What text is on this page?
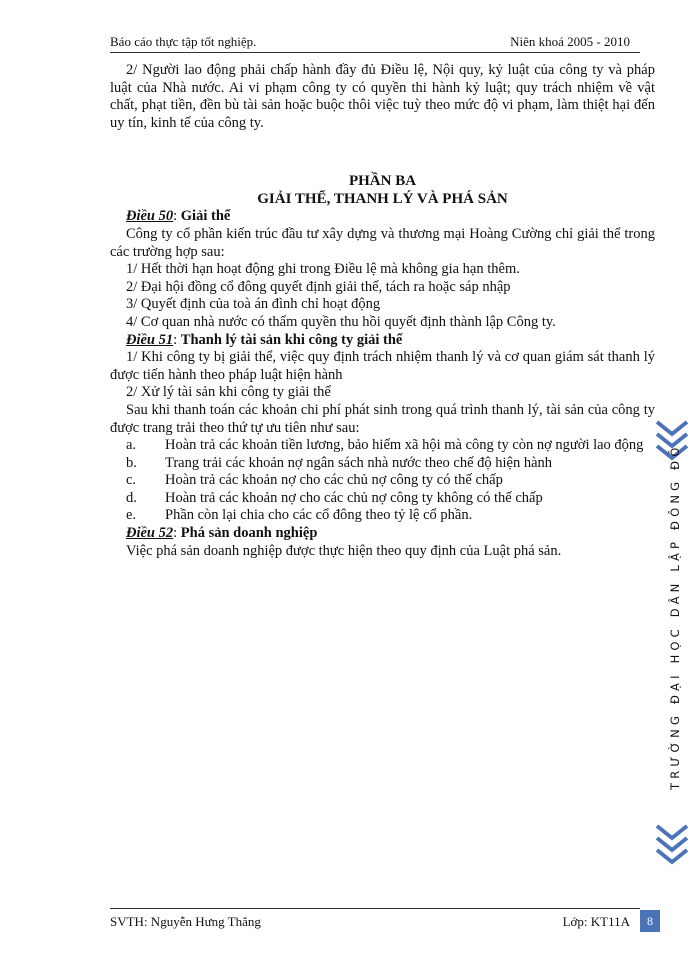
Báo cáo thực tập tốt nghiệp.	Niên khoá 2005 - 2010

2/ Người lao động phải chấp hành đầy đủ Điều lệ, Nội quy, kỷ luật của công ty và pháp luật của Nhà nước. Ai vi phạm công ty có quyền thi hành kỷ luật; quy trách nhiệm về vật chất, phạt tiền, đền bù tài sản hoặc buộc thôi việc tuỳ theo mức độ vi phạm, làm thiệt hại đến uy tín, kinh tế của công ty.

PHẦN BA

GIẢI THỂ, THANH LÝ VÀ PHÁ SẢN

Điều 50: Giải thể

Công ty cổ phần kiến trúc đầu tư xây dựng và thương mại Hoàng Cường chỉ giải thể trong các trường hợp sau:

1/ Hết thời hạn hoạt động ghi trong Điều lệ mà không gia hạn thêm.

2/ Đại hội đồng cổ đông quyết định giải thể, tách ra hoặc sáp nhập

3/ Quyết định của toà án đình chỉ hoạt động

4/ Cơ quan nhà nước có thẩm quyền thu hồi quyết định thành lập Công ty.

Điều 51: Thanh lý tài sản khi công ty giải thể

1/ Khi công ty bị giải thể, việc quy định trách nhiệm thanh lý và cơ quan giám sát thanh lý được tiến hành theo pháp luật hiện hành

2/ Xử lý tài sản khi công ty giải thể

Sau khi thanh toán các khoản chi phí phát sinh trong quá trình thanh lý, tài sản của công ty được trang trải theo thứ tự ưu tiên như sau:

a.	Hoàn trả các khoản tiền lương, bảo hiểm xã hội mà công ty còn nợ người lao động
b.	Trang trải các khoản nợ ngân sách nhà nước theo chế độ hiện hành
c.	Hoàn trả các khoản nợ cho các chủ nợ công ty có thế chấp
d.	Hoàn trả các khoản nợ cho các chủ nợ công ty không có thế chấp
e.	Phần còn lại chia cho các cổ đông theo tỷ lệ cổ phần.

Điều 52: Phá sản doanh nghiệp

Việc phá sản doanh nghiệp được thực hiện theo quy định của Luật phá sản.	TRƯỜNG ĐẠI HỌC DÂN LẬP ĐÔNG ĐÔ
SVTH: Nguyễn Hưng Thắng	Lớp: KT11A	8
